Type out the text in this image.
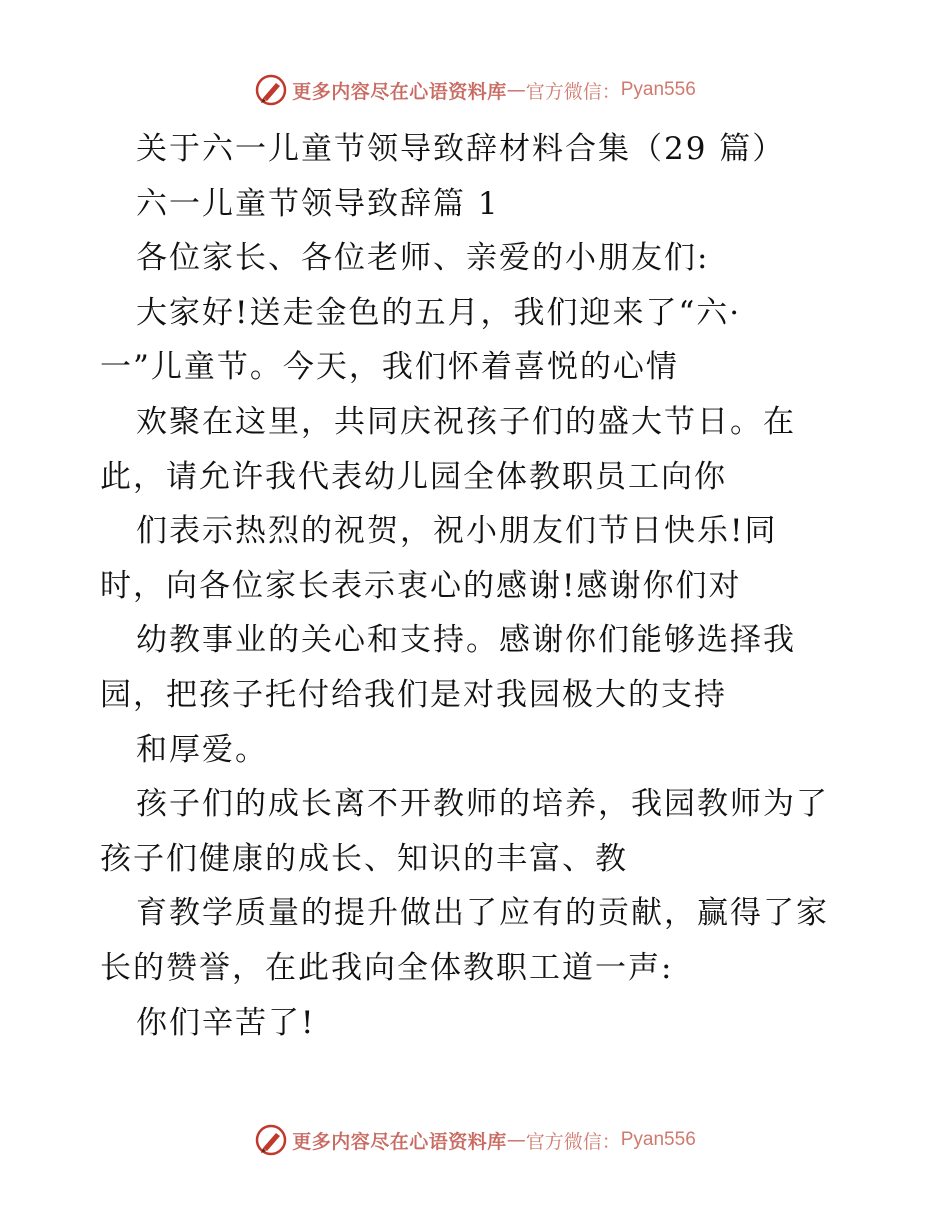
更多内容尽在心语资料库 — 官方微信： Pyan556
关于六一儿童节领导致辞材料合集（29 篇）
六一儿童节领导致辞篇 1
各位家长、各位老师、亲爱的小朋友们:
大家好!送走金色的五月，我们迎来了“六·
一”儿童节。今天，我们怀着喜悦的心情
欢聚在这里，共同庆祝孩子们的盛大节日。在
此，请允许我代表幼儿园全体教职员工向你
们表示热烈的祝贺，祝小朋友们节日快乐!同
时，向各位家长表示衷心的感谢!感谢你们对
幼教事业的关心和支持。感谢你们能够选择我
园，把孩子托付给我们是对我园极大的支持
和厚爱。
孩子们的成长离不开教师的培养，我园教师为了
孩子们健康的成长、知识的丰富、教
育教学质量的提升做出了应有的贡献，赢得了家
长的赞誉，在此我向全体教职工道一声:
你们辛苦了!
更多内容尽在心语资料库 — 官方微信： Pyan556
